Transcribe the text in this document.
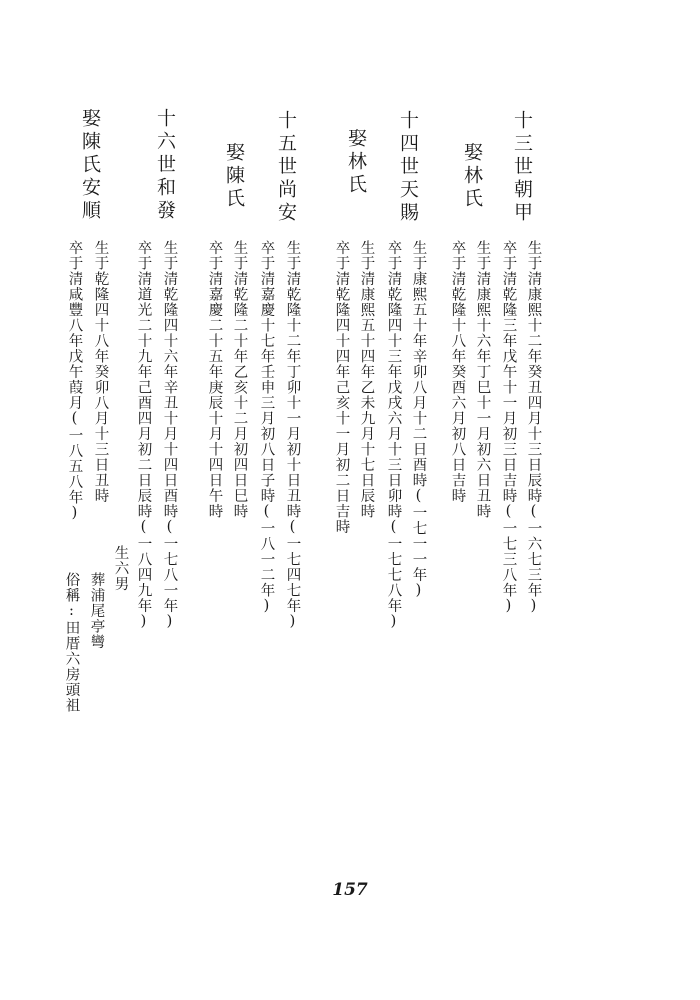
十三世朝甲
娶林氏
生于清康熙十二年癸丑四月十三日辰時(一六七三年)
卒于清乾隆三年戊午十一月初三日吉時(一七三八年)
生于清康熙十六年丁巳十一月初六日丑時
卒于清乾隆十八年癸酉六月初八日吉時
十四世天賜
娶林氏
生于康熙五十年辛卯八月十二日酉時(一七一一年)
卒于清乾隆四十三年戊戌六月十三日卯時(一七七八年)
生于清康熙五十四年乙未九月十七日辰時
卒于清乾隆四十四年己亥十一月初二日吉時
十五世尚安
娶陳氏
生于清乾隆十二年丁卯十一月初十日丑時(一七四七年)
卒于清嘉慶十七年壬申三月初八日子時(一八一二年)
生于清乾隆二十年乙亥十二月初四日巳時
卒于清嘉慶二十五年庚辰十月十四日午時
十六世和發
娶陳氏安順
生于清乾隆四十六年辛丑十月十四日酉時(一七八一年)
卒于清道光二十九年己酉四月初二日辰時(一八四九年)
生于乾隆四十八年癸卯八月十三日丑時
卒于清咸豐八年戊午葭月(一八五八年)
生六男
葬浦尾亭彎
俗稱:田厝六房頭祖
157
